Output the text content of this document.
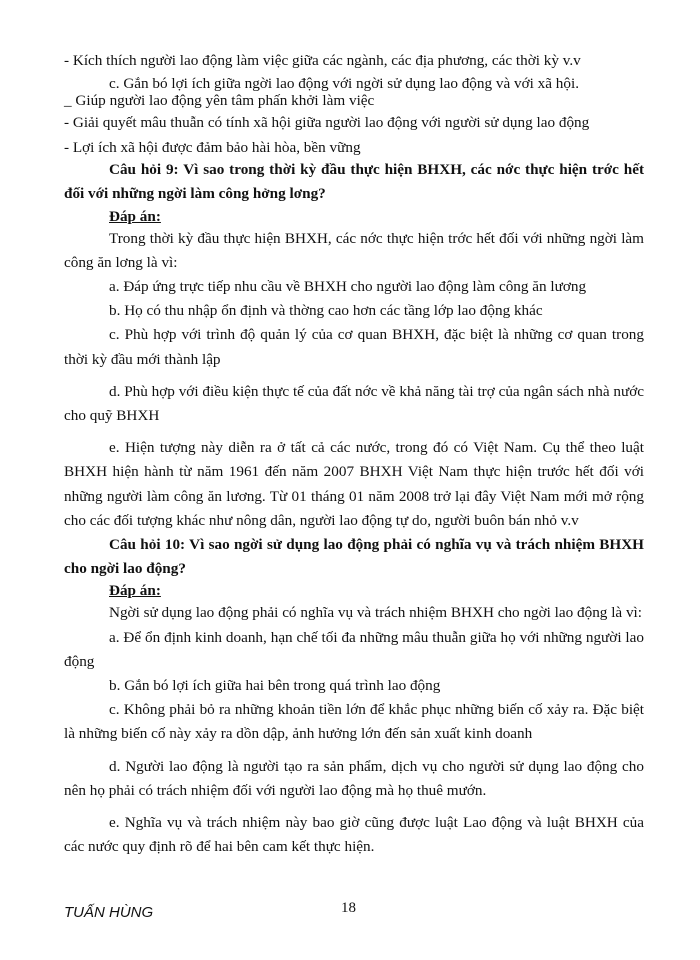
- Kích thích người lao động làm việc giữa các ngành, các địa phương, các thời kỳ v.v

c. Gắn bó lợi ích giữa ngời lao động với ngời sử dụng lao động và với xã hội.

_ Giúp người lao động yên tâm phấn khởi làm việc

- Giải quyết mâu thuẫn có tính xã hội giữa người lao động với người sử dụng lao động

- Lợi ích xã hội được đảm bảo hài hòa, bền vững

Câu hỏi 9: Vì sao trong thời kỳ đầu thực hiện BHXH, các nớc thực hiện trớc hết đối với những ngời làm công hởng lơng?

Đáp án:

Trong thời kỳ đầu thực hiện BHXH, các nớc thực hiện trớc hết đối với những ngời làm công ăn lơng là vì:

a. Đáp ứng trực tiếp nhu cầu về BHXH cho người lao động làm công ăn lương

b. Họ có thu nhập ổn định và thờng cao hơn các tầng lớp lao động khác

c. Phù hợp với trình độ quản lý của cơ quan BHXH, đặc biệt là những cơ quan trong thời kỳ đầu mới thành lập

d. Phù hợp với điều kiện thực tế của đất nớc về khả năng tài trợ của ngân sách nhà nước cho quỹ BHXH

e. Hiện tượng này diễn ra ở tất cả các nước, trong đó có Việt Nam. Cụ thể theo luật BHXH hiện hành từ năm 1961 đến năm 2007 BHXH Việt Nam thực hiện trước hết đối với những người làm công ăn lương. Từ 01 tháng 01 năm 2008 trở lại đây Việt Nam mới mở rộng cho các đối tượng khác như nông dân, người lao động tự do, người buôn bán nhỏ v.v

Câu hỏi 10: Vì sao ngời sử dụng lao động phải có nghĩa vụ và trách nhiệm BHXH cho ngời lao động?

Đáp án:

Ngời sử dụng lao động phải có nghĩa vụ và trách nhiệm BHXH cho ngời lao động là vì:

a. Để ổn định kinh doanh, hạn chế tối đa những mâu thuẫn giữa họ với những người lao động

b. Gắn bó lợi ích giữa hai bên trong quá trình lao động

c. Không phải bỏ ra những khoản tiền lớn để khắc phục những biến cố xảy ra. Đặc biệt là những biến cố này xảy ra dồn dập, ảnh hưởng lớn đến sản xuất kinh doanh

d. Người lao động là người tạo ra sản phẩm, dịch vụ cho người sử dụng lao động cho nên họ phải có trách nhiệm đối với người lao động mà họ thuê mướn.

e. Nghĩa vụ và trách nhiệm này bao giờ cũng được luật Lao động và luật BHXH của các nước quy định rõ để hai bên cam kết thực hiện.

TUẤN HÙNG	18
